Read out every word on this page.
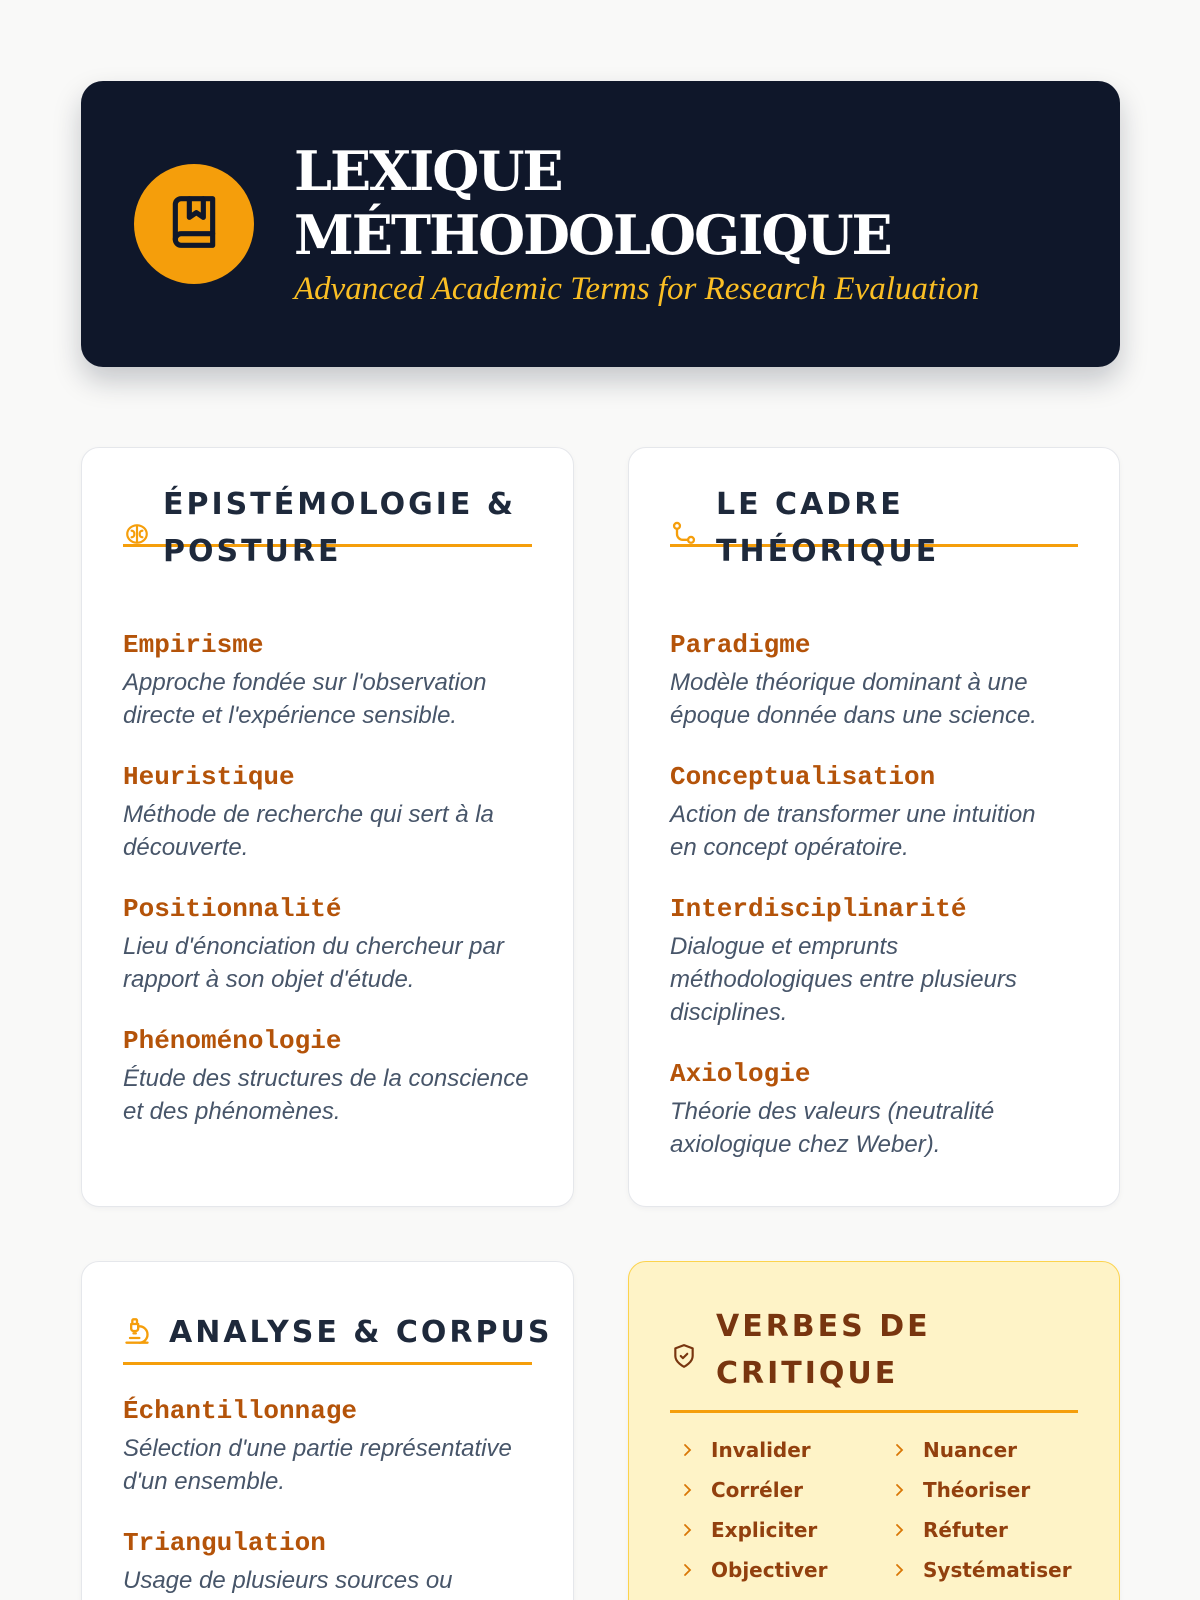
LEXIQUE
MÉTHODOLOGIQUE
Advanced Academic Terms for Research Evaluation
ÉPISTÉMOLOGIE &
POSTURE
Empirisme
Approche fondée sur l'observation
directe et l'expérience sensible.
Heuristique
Méthode de recherche qui sert à la
découverte.
Positionnalité
Lieu d'énonciation du chercheur par
rapport à son objet d'étude.
Phénoménologie
Étude des structures de la conscience
et des phénomènes.
LE CADRE
THÉORIQUE
Paradigme
Modèle théorique dominant à une
époque donnée dans une science.
Conceptualisation
Action de transformer une intuition
en concept opératoire.
Interdisciplinarité
Dialogue et emprunts
méthodologiques entre plusieurs
disciplines.
Axiologie
Théorie des valeurs (neutralité
axiologique chez Weber).
ANALYSE & CORPUS
Échantillonnage
Sélection d'une partie représentative
d'un ensemble.
Triangulation
Usage de plusieurs sources ou
VERBES DE
CRITIQUE
Invalider	Nuancer
Corréler	Théoriser
Expliciter	Réfuter
Objectiver	Systématiser
